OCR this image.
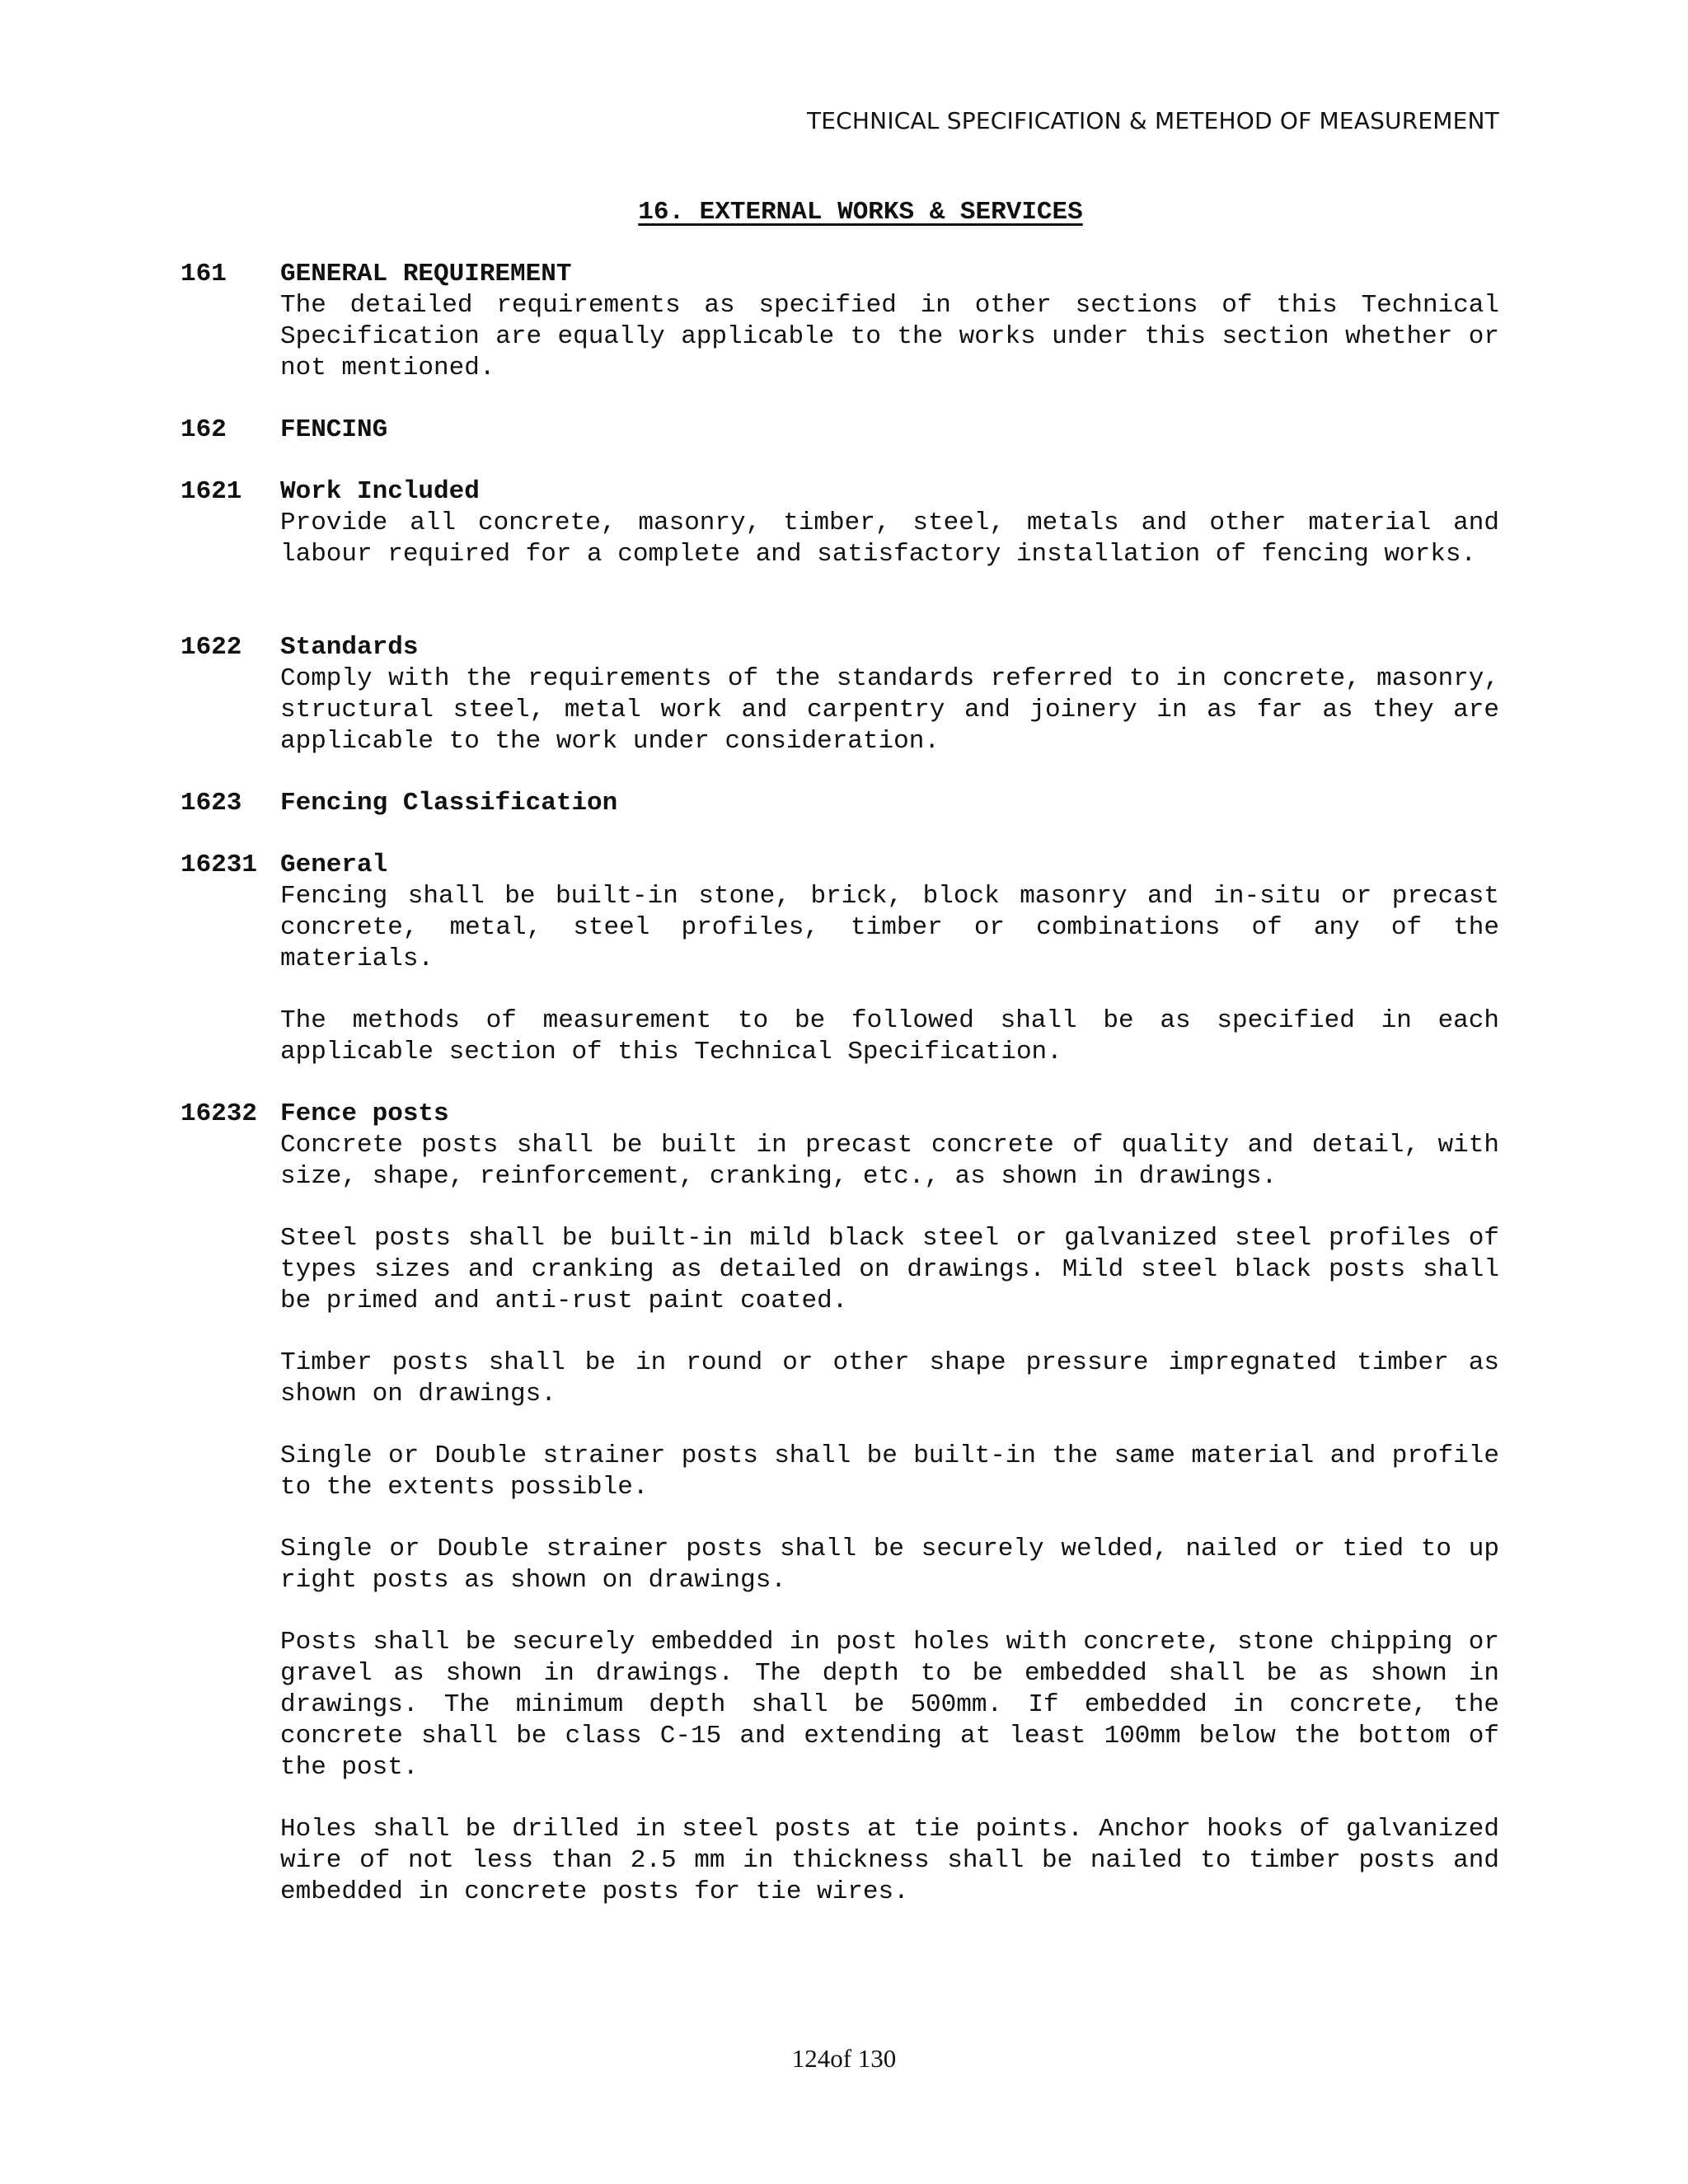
TECHNICAL SPECIFICATION & METEHOD OF MEASUREMENT
16. EXTERNAL WORKS & SERVICES
161 GENERAL REQUIREMENT

The detailed requirements as specified in other sections of this Technical Specification are equally applicable to the works under this section whether or not mentioned.

162 FENCING
1621 Work Included

Provide all concrete, masonry, timber, steel, metals and other material and labour required for a complete and satisfactory installation of fencing works.

1622 Standards

Comply with the requirements of the standards referred to in concrete, masonry, structural steel, metal work and carpentry and joinery in as far as they are applicable to the work under consideration.

1623 Fencing Classification
16231 General

Fencing shall be built-in stone, brick, block masonry and in-situ or precast concrete, metal, steel profiles, timber or combinations of any of the materials.

The methods of measurement to be followed shall be as specified in each applicable section of this Technical Specification.

16232 Fence posts

Concrete posts shall be built in precast concrete of quality and detail, with size, shape, reinforcement, cranking, etc., as shown in drawings.

Steel posts shall be built-in mild black steel or galvanized steel profiles of types sizes and cranking as detailed on drawings. Mild steel black posts shall be primed and anti-rust paint coated.

Timber posts shall be in round or other shape pressure impregnated timber as shown on drawings.

Single or Double strainer posts shall be built-in the same material and profile to the extents possible.

Single or Double strainer posts shall be securely welded, nailed or tied to up right posts as shown on drawings.

Posts shall be securely embedded in post holes with concrete, stone chipping or gravel as shown in drawings. The depth to be embedded shall be as shown in drawings. The minimum depth shall be 500mm. If embedded in concrete, the concrete shall be class C-15 and extending at least 100mm below the bottom of the post.

Holes shall be drilled in steel posts at tie points. Anchor hooks of galvanized wire of not less than 2.5 mm in thickness shall be nailed to timber posts and embedded in concrete posts for tie wires.

124of 130
